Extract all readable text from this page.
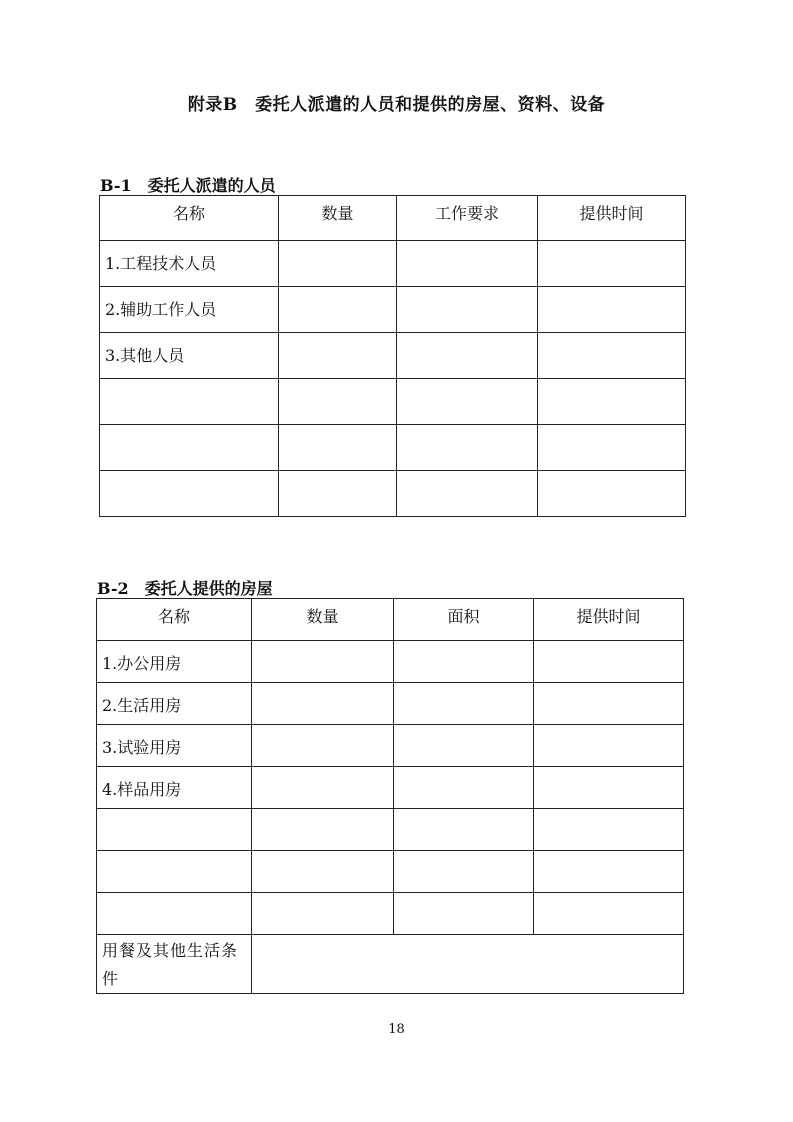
附录B　委托人派遣的人员和提供的房屋、资料、设备
B-1　委托人派遣的人员
名称	数量	工作要求	提供时间
1.工程技术人员			
2.辅助工作人员			
3.其他人员			

B-2　委托人提供的房屋
名称	数量	面积	提供时间
1.办公用房			
2.生活用房			
3.试验用房			
4.样品用房			

用餐及其他生活条件			
18
